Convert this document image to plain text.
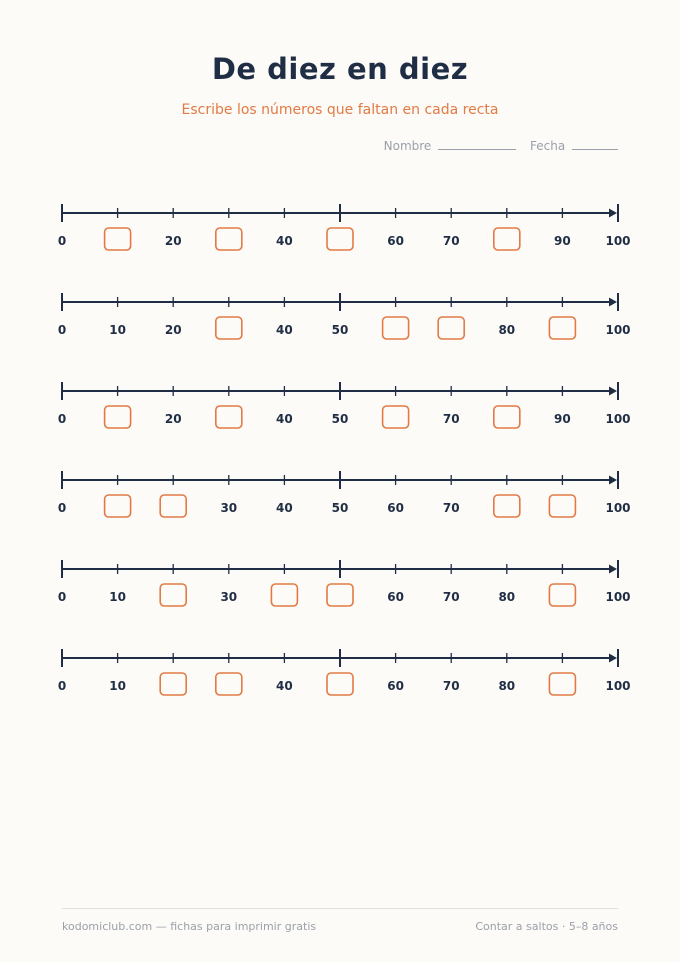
De diez en diez
Escribe los números que faltan en cada recta
Nombre	Fecha
0	20	40	60	70	90	100
0	10	20	40	50	80	100
0	20	40	50	70	90	100
0	30	40	50	60	70	100
0	10	30	60	70	80	100
0	10	40	60	70	80	100
kodomiclub.com — fichas para imprimir gratis	Contar a saltos · 5–8 años
